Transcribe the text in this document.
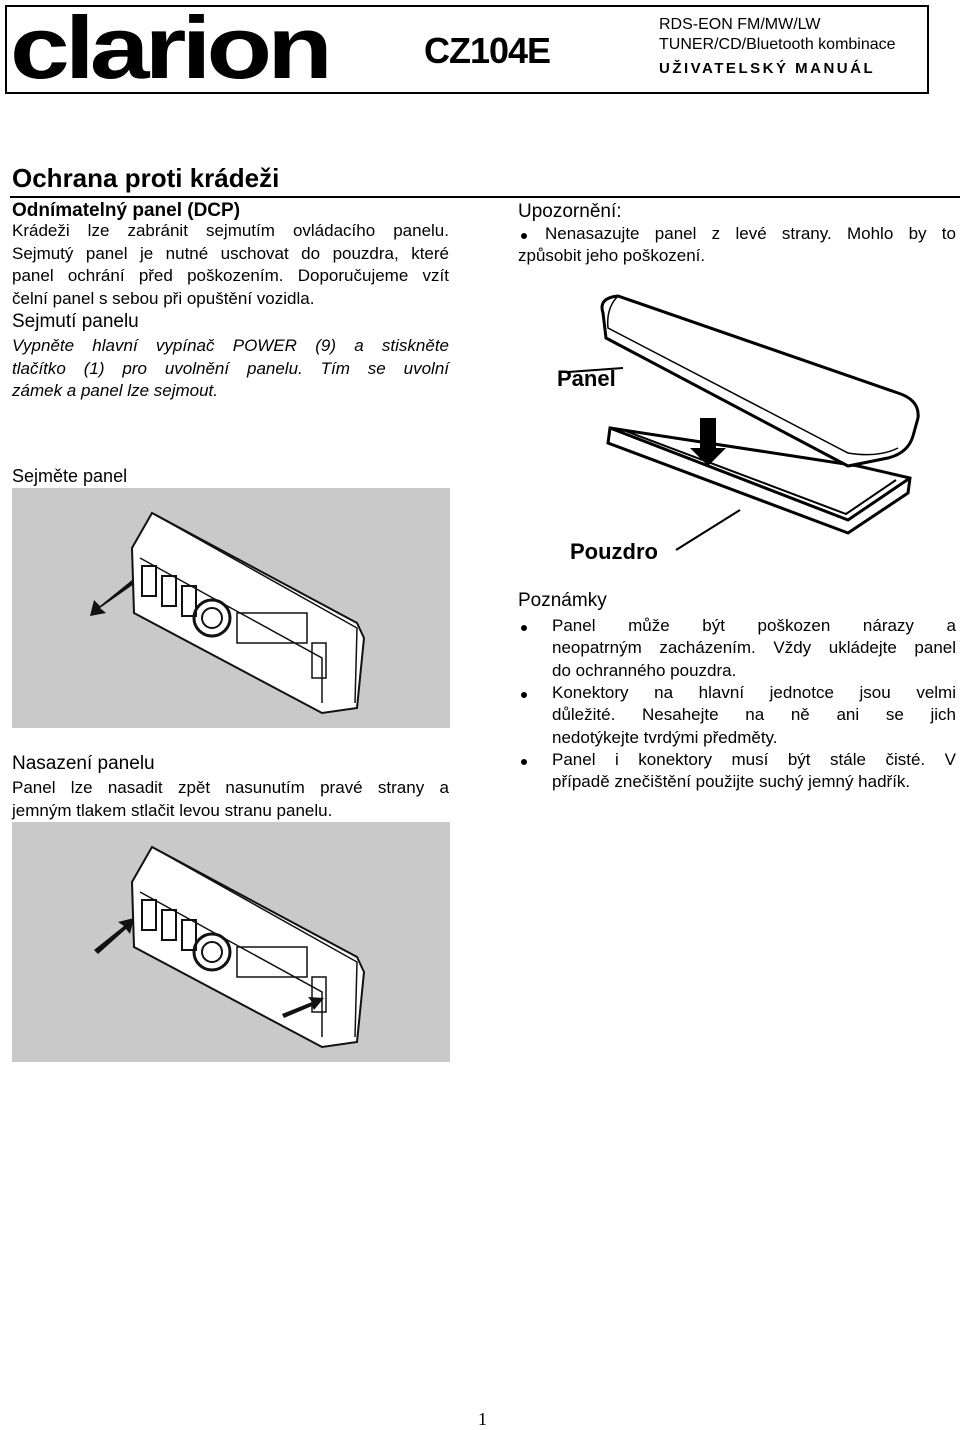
clarion	CZ104E
RDS-EON FM/MW/LW
TUNER/CD/Bluetooth kombinace
UŽIVATELSKÝ MANUÁL
Ochrana proti krádeži
Odnímatelný panel (DCP)
Krádeži lze zabránit sejmutím ovládacího panelu.
Sejmutý panel je nutné uschovat do pouzdra, které
panel ochrání před poškozením. Doporučujeme vzít
čelní panel s sebou při opuštění vozidla.
Sejmutí panelu
Vypněte hlavní vypínač POWER (9) a stiskněte
tlačítko (1) pro uvolnění panelu. Tím se uvolní
zámek a panel lze sejmout.
Upozornění:
Nenasazujte panel z levé strany. Mohlo by to
způsobit jeho poškození.
Panel
Pouzdro
Sejměte panel
Nasazení panelu
Panel lze nasadit zpět nasunutím pravé strany a
jemným tlakem stlačit levou stranu panelu.
Poznámky
Panel může být poškozen nárazy a
neopatrným zacházením. Vždy ukládejte panel
do ochranného pouzdra.
Konektory na hlavní jednotce jsou velmi
důležité. Nesahejte na ně ani se jich
nedotýkejte tvrdými předměty.
Panel i konektory musí být stále čisté. V
případě znečištění použijte suchý jemný hadřík.
1
